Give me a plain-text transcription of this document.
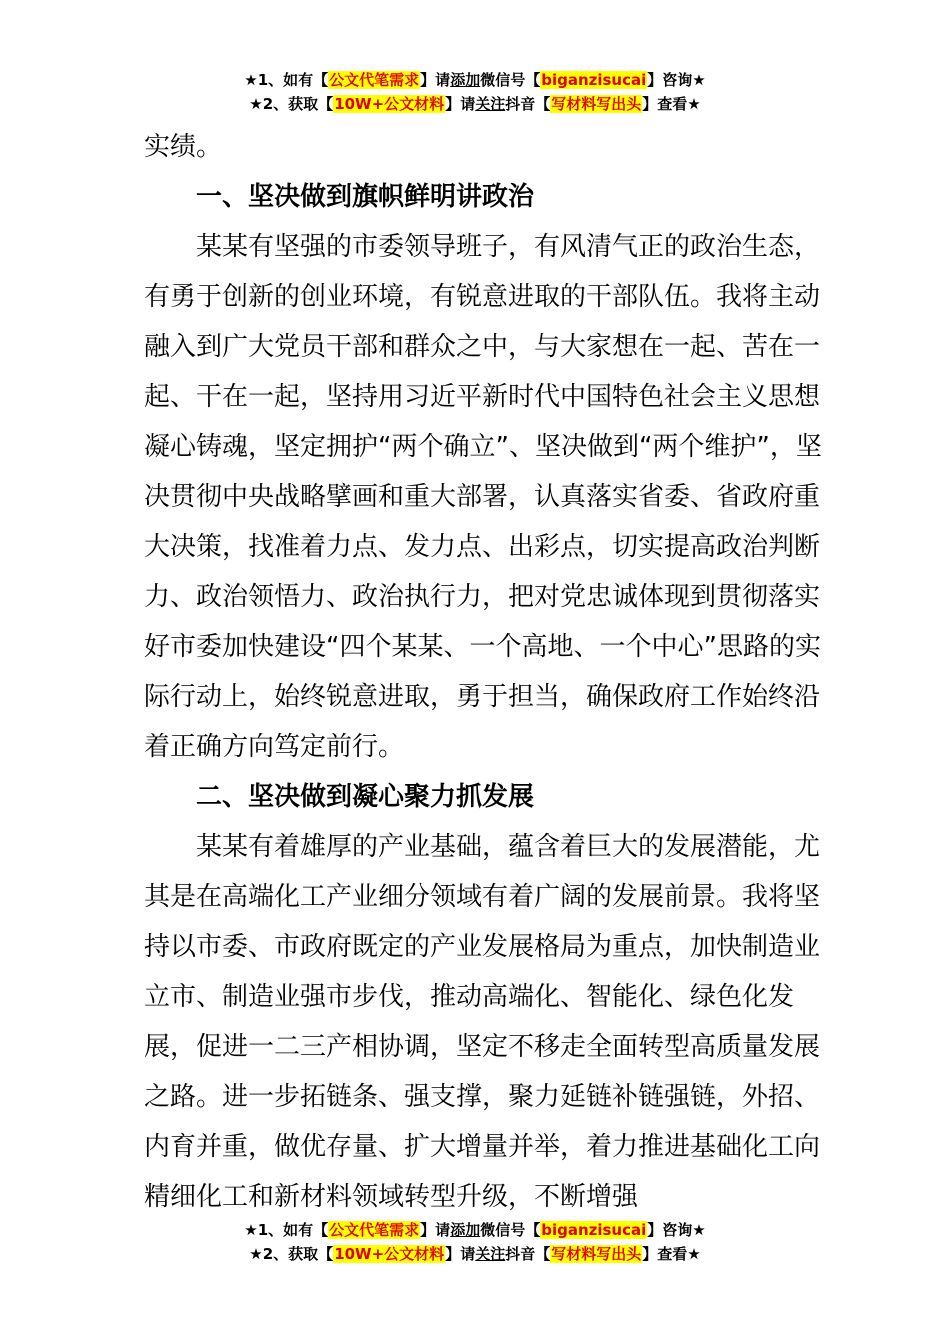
★1、如有【公文代笔需求】请添加微信号【biganzisucai】咨询★
★2、获取【10W+公文材料】请关注抖音【写材料写出头】查看★

实绩。

一、坚决做到旗帜鲜明讲政治

某某有坚强的市委领导班子，有风清气正的政治生态，有勇于创新的创业环境，有锐意进取的干部队伍。我将主动融入到广大党员干部和群众之中，与大家想在一起、苦在一起、干在一起，坚持用习近平新时代中国特色社会主义思想凝心铸魂，坚定拥护“两个确立”、坚决做到“两个维护”，坚决贯彻中央战略擘画和重大部署，认真落实省委、省政府重大决策，找准着力点、发力点、出彩点，切实提高政治判断力、政治领悟力、政治执行力，把对党忠诚体现到贯彻落实好市委加快建设“四个某某、一个高地、一个中心”思路的实际行动上，始终锐意进取，勇于担当，确保政府工作始终沿着正确方向笃定前行。

二、坚决做到凝心聚力抓发展

某某有着雄厚的产业基础，蕴含着巨大的发展潜能，尤其是在高端化工产业细分领域有着广阔的发展前景。我将坚持以市委、市政府既定的产业发展格局为重点，加快制造业立市、制造业强市步伐，推动高端化、智能化、绿色化发展，促进一二三产相协调，坚定不移走全面转型高质量发展之路。进一步拓链条、强支撑，聚力延链补链强链，外招、内育并重，做优存量、扩大增量并举，着力推进基础化工向精细化工和新材料领域转型升级，不断增强

★1、如有【公文代笔需求】请添加微信号【biganzisucai】咨询★
★2、获取【10W+公文材料】请关注抖音【写材料写出头】查看★
